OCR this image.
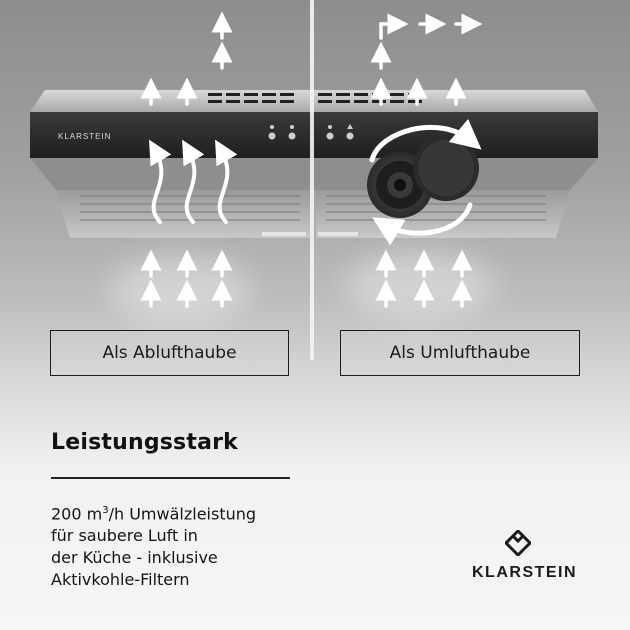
KLARSTEIN
Als Ablufthaube	Als Umlufthaube
Leistungsstark
200 $m^3/h$ Umwälzleistung
für saubere Luft in
der Küche - inklusive
Aktivkohle-Filtern	KLARSTEIN
